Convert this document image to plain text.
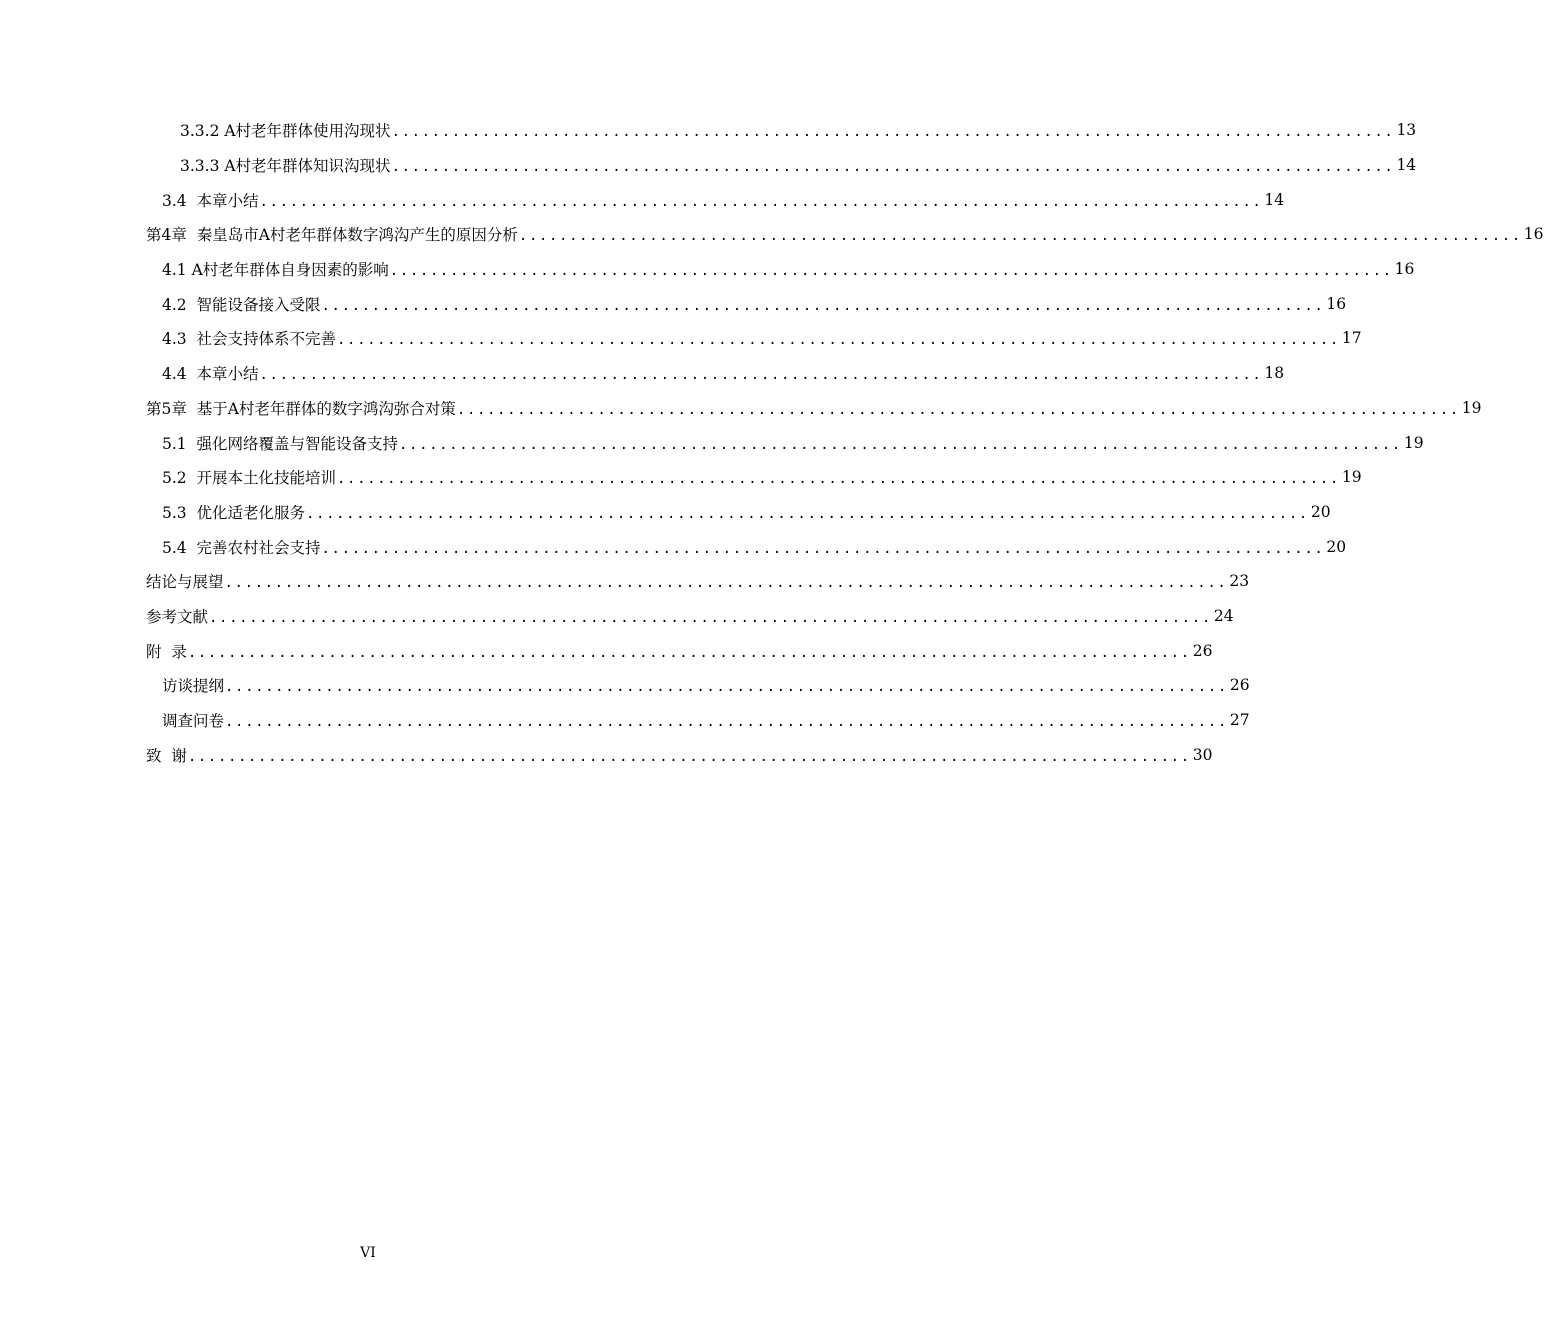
3.3.2 A村老年群体使用沟现状 .................................................................................................... 13
3.3.3 A村老年群体知识沟现状 .................................................................................................... 14
3.4  本章小结 .................................................................................................... 14
第4章  秦皇岛市A村老年群体数字鸿沟产生的原因分析 .................................................................................................... 16
4.1 A村老年群体自身因素的影响 .................................................................................................... 16
4.2  智能设备接入受限 .................................................................................................... 16
4.3  社会支持体系不完善 .................................................................................................... 17
4.4  本章小结 .................................................................................................... 18
第5章  基于A村老年群体的数字鸿沟弥合对策 .................................................................................................... 19
5.1  强化网络覆盖与智能设备支持 .................................................................................................... 19
5.2  开展本土化技能培训 .................................................................................................... 19
5.3  优化适老化服务 .................................................................................................... 20
5.4  完善农村社会支持 .................................................................................................... 20
结论与展望 .................................................................................................... 23
参考文献 .................................................................................................... 24
附  录 .................................................................................................... 26
访谈提纲 .................................................................................................... 26
调查问卷 .................................................................................................... 27
致  谢 .................................................................................................... 30
VI
